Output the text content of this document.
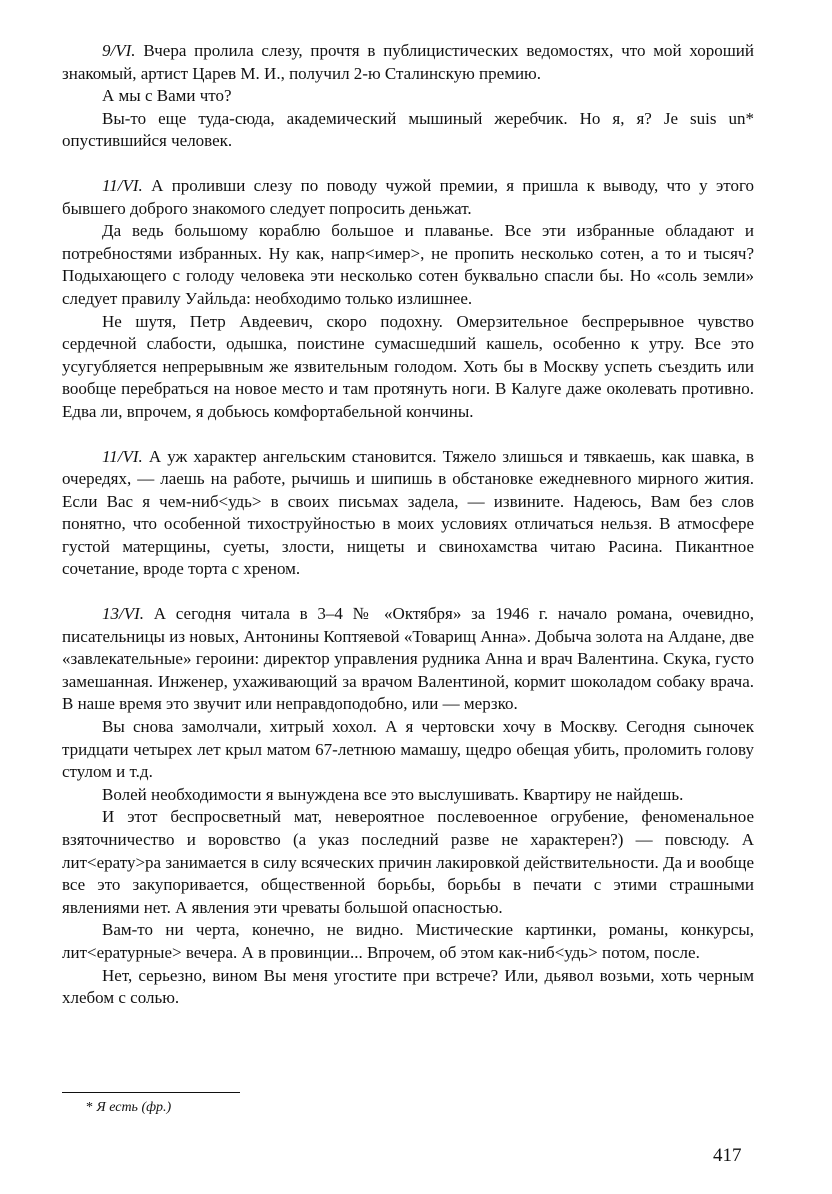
9/VI. Вчера пролила слезу, прочтя в публицистических ведомостях, что мой хороший знакомый, артист Царев М. И., получил 2-ю Сталинскую премию.

А мы с Вами что?

Вы-то еще туда-сюда, академический мышиный жеребчик. Но я, я? Je suis un* опустившийся человек.

11/VI. А проливши слезу по поводу чужой премии, я пришла к выводу, что у этого бывшего доброго знакомого следует попросить деньжат.

Да ведь большому кораблю большое и плаванье. Все эти избранные обладают и потребностями избранных. Ну как, напр<имер>, не пропить несколько сотен, а то и тысяч? Подыхающего с голоду человека эти несколько сотен буквально спасли бы. Но «соль земли» следует правилу Уайльда: необходимо только излишнее.

Не шутя, Петр Авдеевич, скоро подохну. Омерзительное беспрерывное чувство сердечной слабости, одышка, поистине сумасшедший кашель, особенно к утру. Все это усугубляется непрерывным же язвительным голодом. Хоть бы в Москву успеть съездить или вообще перебраться на новое место и там протянуть ноги. В Калуге даже околевать противно. Едва ли, впрочем, я добьюсь комфортабельной кончины.

11/VI. А уж характер ангельским становится. Тяжело злишься и тявкаешь, как шавка, в очередях, — лаешь на работе, рычишь и шипишь в обстановке ежедневного мирного жития. Если Вас я чем-ниб<удь> в своих письмах задела, — извините. Надеюсь, Вам без слов понятно, что особенной тихоструйностью в моих условиях отличаться нельзя. В атмосфере густой матерщины, суеты, злости, нищеты и свинохамства читаю Расина. Пикантное сочетание, вроде торта с хреном.

13/VI. А сегодня читала в 3–4 № «Октября» за 1946 г. начало романа, очевидно, писательницы из новых, Антонины Коптяевой «Товарищ Анна». Добыча золота на Алдане, две «завлекательные» героини: директор управления рудника Анна и врач Валентина. Скука, густо замешанная. Инженер, ухаживающий за врачом Валентиной, кормит шоколадом собаку врача. В наше время это звучит или неправдоподобно, или — мерзко.

Вы снова замолчали, хитрый хохол. А я чертовски хочу в Москву. Сегодня сыночек тридцати четырех лет крыл матом 67-летнюю мамашу, щедро обещая убить, проломить голову стулом и т.д.

Волей необходимости я вынуждена все это выслушивать. Квартиру не найдешь.

И этот беспросветный мат, невероятное послевоенное огрубение, феноменальное взяточничество и воровство (а указ последний разве не характерен?) — повсюду. А лит<ерату>ра занимается в силу всяческих причин лакировкой действительности. Да и вообще все это закупоривается, общественной борьбы, борьбы в печати с этими страшными явлениями нет. А явления эти чреваты большой опасностью.

Вам-то ни черта, конечно, не видно. Мистические картинки, романы, конкурсы, лит<ературные> вечера. А в провинции... Впрочем, об этом как-ниб<удь> потом, после.

Нет, серьезно, вином Вы меня угостите при встрече? Или, дьявол возьми, хоть черным хлебом с солью.

* Я есть (фр.)
417
